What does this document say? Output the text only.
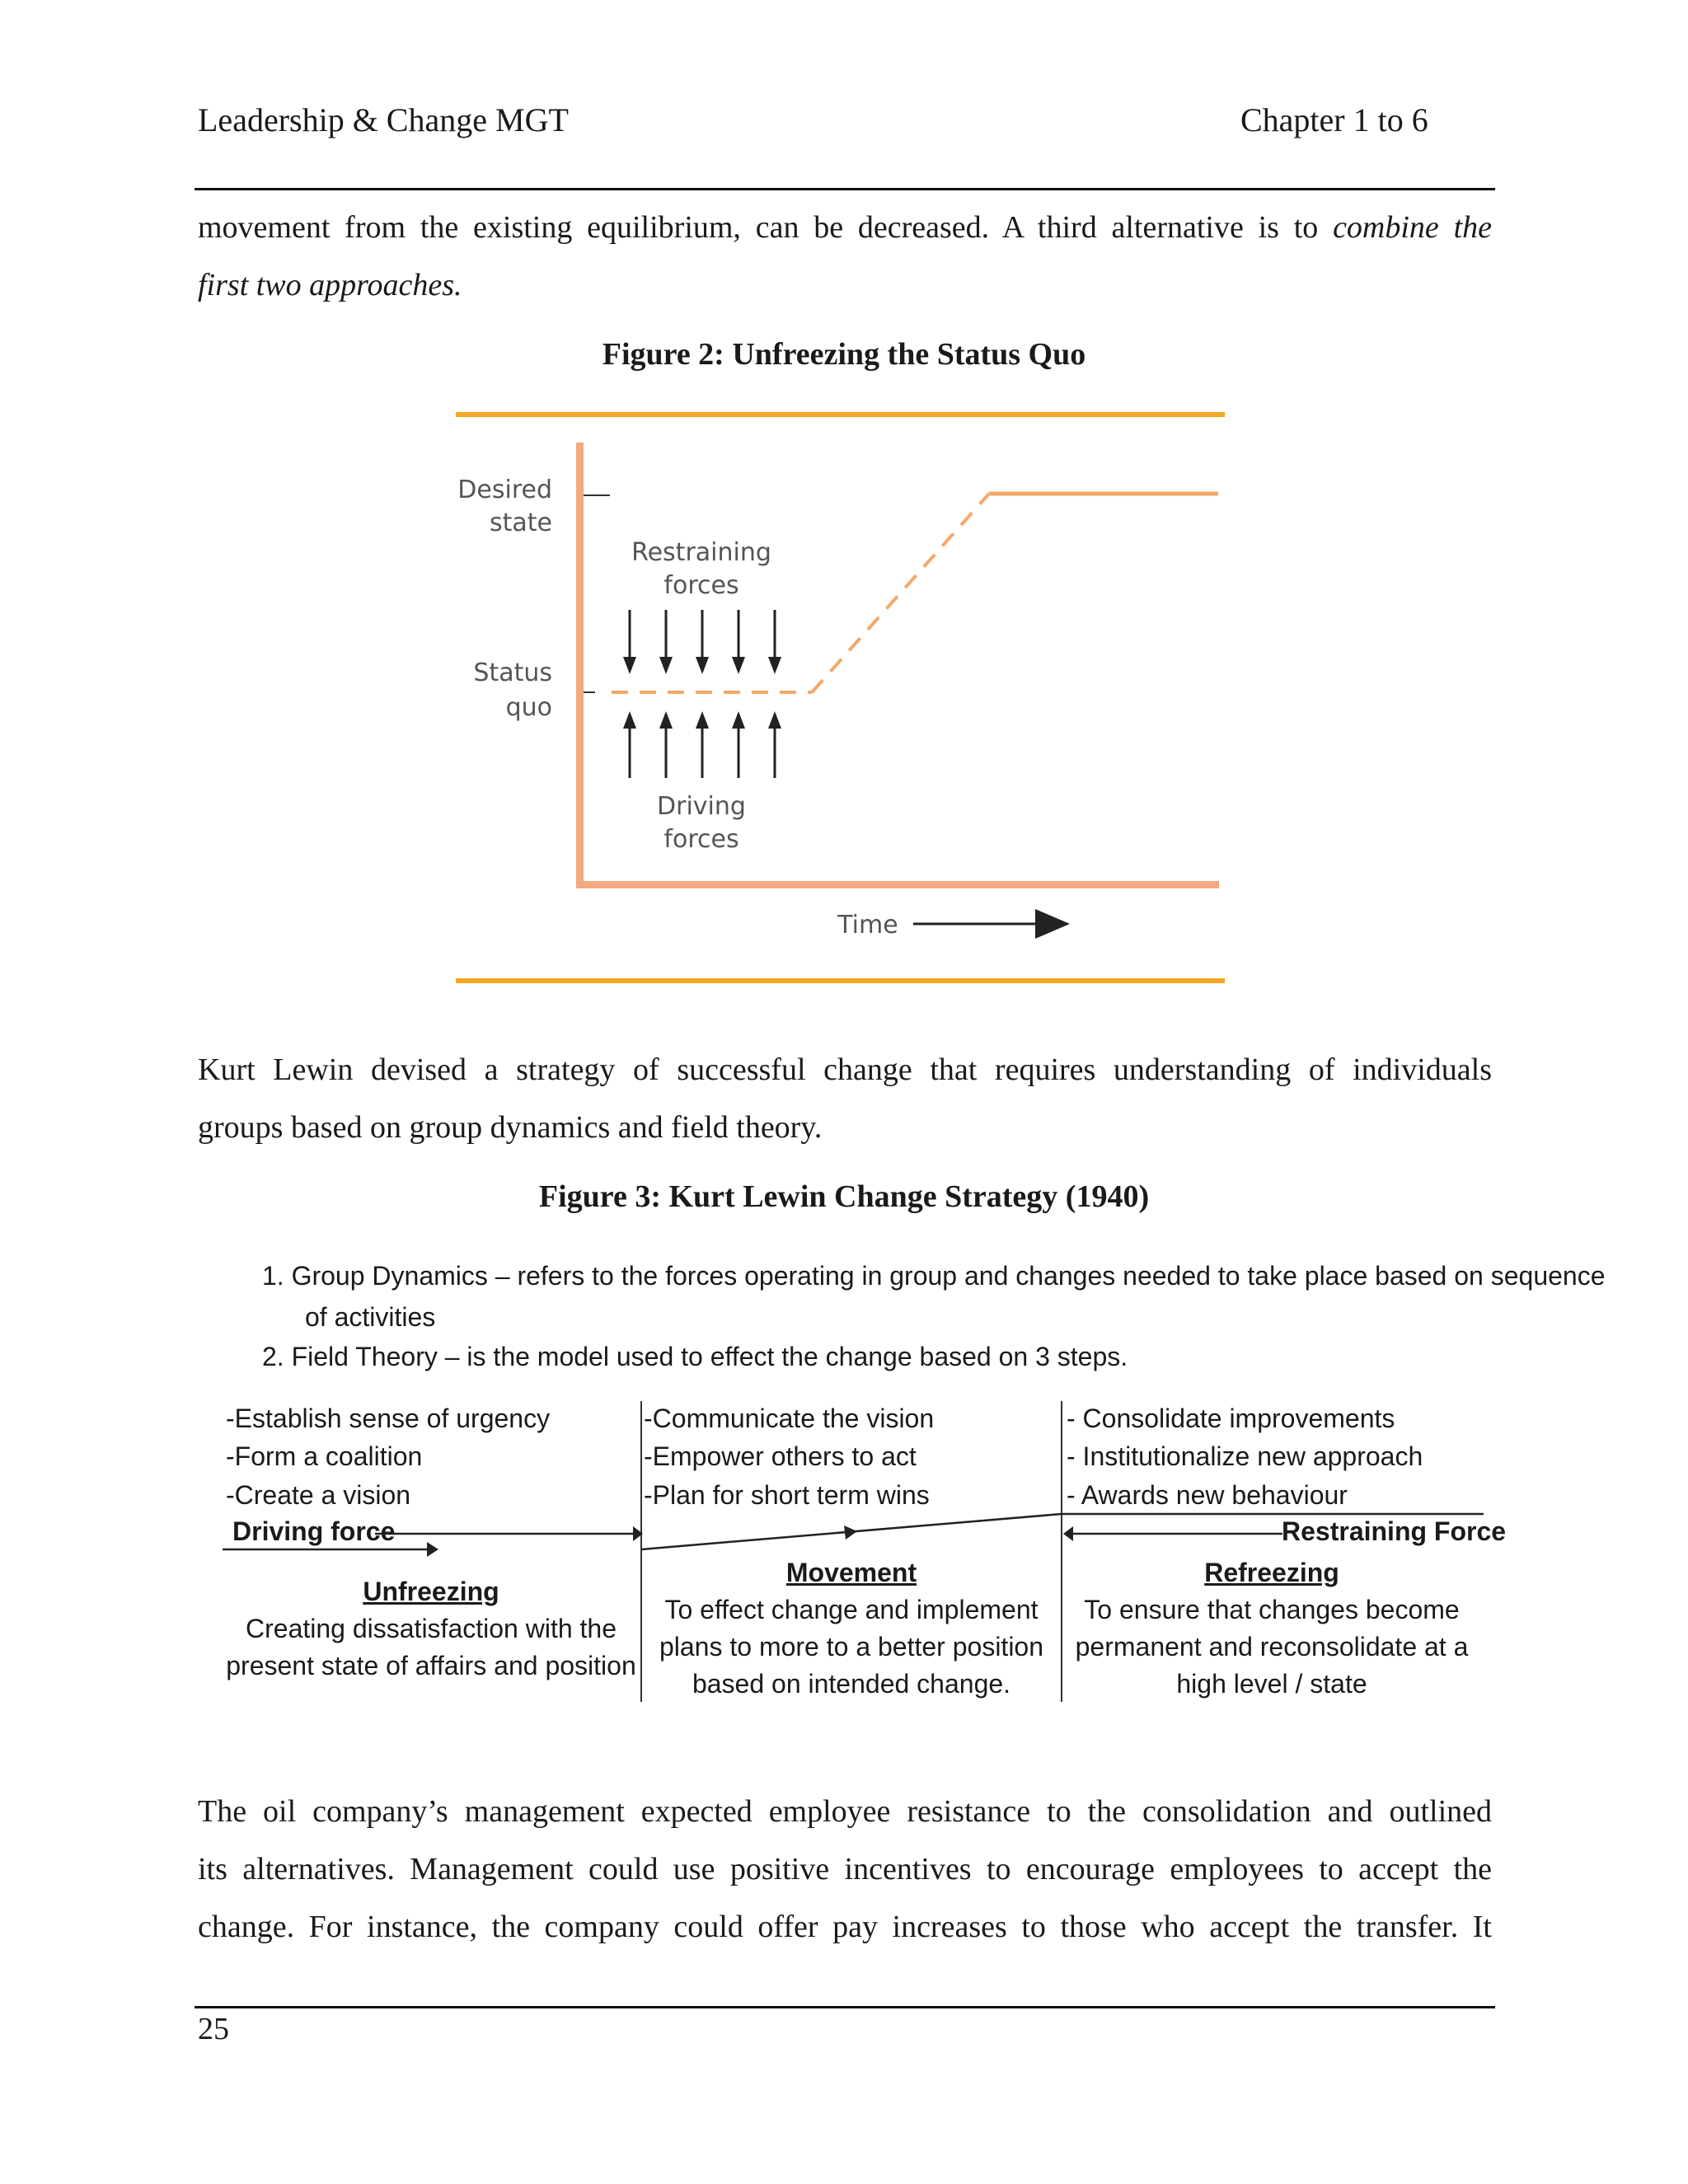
Leadership & Change MGT	Chapter 1 to 6
movement from the existing equilibrium, can be decreased. A third alternative is to combine the
first two approaches.
Figure 2: Unfreezing the Status Quo
Desired
state
Status
quo
Restraining
forces
Driving
forces
Time
Kurt Lewin devised a strategy of successful change that requires understanding of individuals
groups based on group dynamics and field theory.
Figure 3: Kurt Lewin Change Strategy (1940)
1. Group Dynamics – refers to the forces operating in group and changes needed to take place based on sequence
of activities
2. Field Theory – is the model used to effect the change based on 3 steps.
-Establish sense of urgency
-Form a coalition
-Create a vision
-Communicate the vision
-Empower others to act
-Plan for short term wins
- Consolidate improvements
- Institutionalize new approach
- Awards new behaviour
Driving force	Restraining Force
Unfreezing
Creating dissatisfaction with the
present state of affairs and position
Movement
To effect change and implement
plans to more to a better position
based on intended change.
Refreezing
To ensure that changes become
permanent and reconsolidate at a
high level / state
The oil company’s management expected employee resistance to the consolidation and outlined
its alternatives. Management could use positive incentives to encourage employees to accept the
change. For instance, the company could offer pay increases to those who accept the transfer. It
25
